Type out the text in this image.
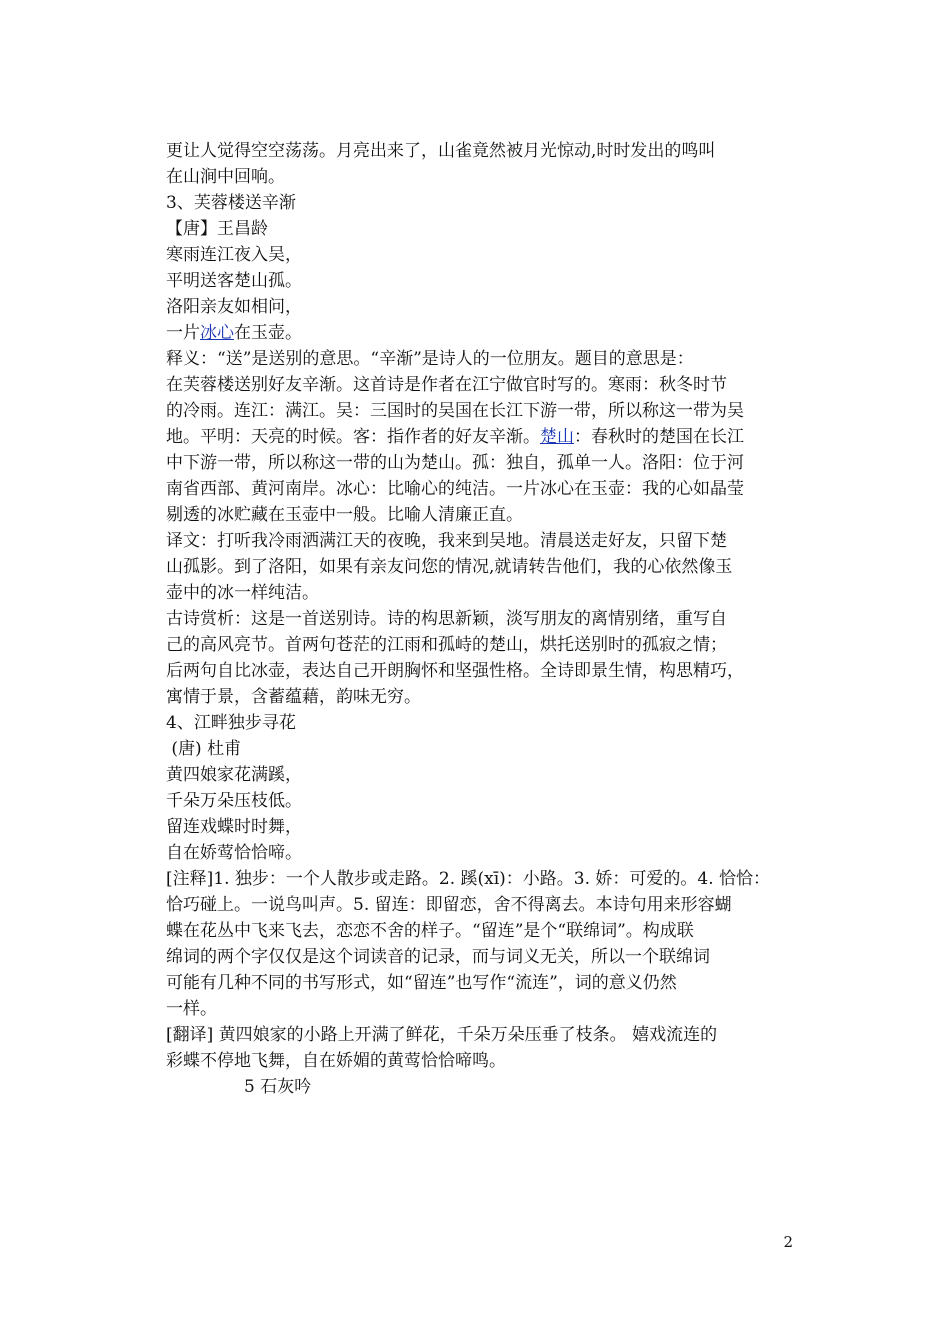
更让人觉得空空荡荡。月亮出来了，山雀竟然被月光惊动,时时发出的鸣叫
在山涧中回响。
3、芙蓉楼送辛渐
【唐】王昌龄
寒雨连江夜入吴，
平明送客楚山孤。
洛阳亲友如相问，
一片冰心在玉壶。
释义：“送”是送别的意思。“辛渐”是诗人的一位朋友。题目的意思是：
在芙蓉楼送别好友辛渐。这首诗是作者在江宁做官时写的。寒雨：秋冬时节
的冷雨。连江：满江。吴：三国时的吴国在长江下游一带，所以称这一带为吴
地。平明：天亮的时候。客：指作者的好友辛渐。楚山：春秋时的楚国在长江
中下游一带，所以称这一带的山为楚山。孤：独自，孤单一人。洛阳：位于河
南省西部、黄河南岸。冰心：比喻心的纯洁。一片冰心在玉壶：我的心如晶莹
剔透的冰贮藏在玉壶中一般。比喻人清廉正直。
译文：打听我冷雨洒满江天的夜晚，我来到吴地。清晨送走好友，只留下楚
山孤影。到了洛阳，如果有亲友问您的情况,就请转告他们，我的心依然像玉
壶中的冰一样纯洁。
古诗赏析：这是一首送别诗。诗的构思新颖，淡写朋友的离情别绪，重写自
己的高风亮节。首两句苍茫的江雨和孤峙的楚山，烘托送别时的孤寂之情；
后两句自比冰壶，表达自己开朗胸怀和坚强性格。全诗即景生情，构思精巧，
寓情于景，含蓄蕴藉，韵味无穷。
4、江畔独步寻花
(唐) 杜甫
黄四娘家花满蹊，
千朵万朵压枝低。
留连戏蝶时时舞，
自在娇莺恰恰啼。
[注释]1. 独步：一个人散步或走路。2. 蹊(xī)：小路。3. 娇：可爱的。4. 恰恰：
恰巧碰上。一说鸟叫声。5. 留连：即留恋，舍不得离去。本诗句用来形容蝴
蝶在花丛中飞来飞去，恋恋不舍的样子。“留连”是个“联绵词”。构成联
绵词的两个字仅仅是这个词读音的记录，而与词义无关，所以一个联绵词
可能有几种不同的书写形式，如“留连”也写作“流连”，词的意义仍然
一样。
[翻译] 黄四娘家的小路上开满了鲜花，千朵万朵压垂了枝条。 嬉戏流连的
彩蝶不停地飞舞，自在娇媚的黄莺恰恰啼鸣。
5 石灰吟
2
